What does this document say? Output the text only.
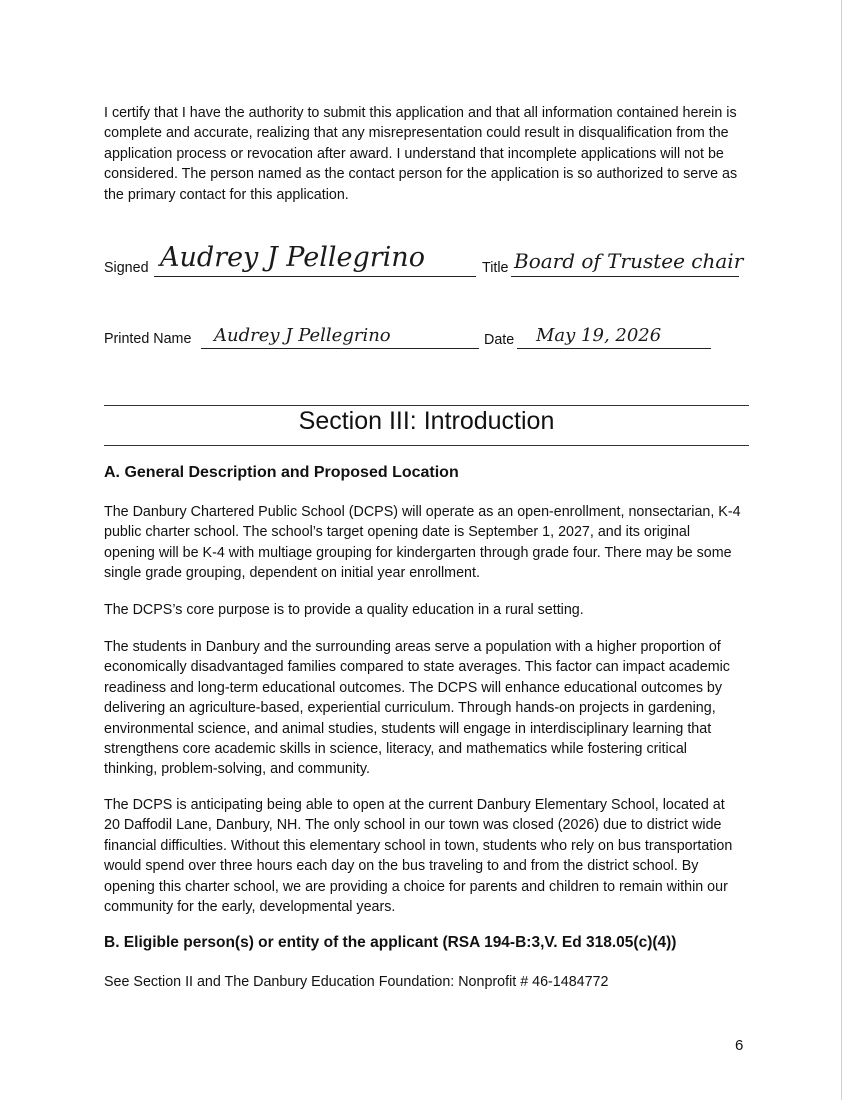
I certify that I have the authority to submit this application and that all information contained herein is complete and accurate, realizing that any misrepresentation could result in disqualification from the application process or revocation after award. I understand that incomplete applications will not be considered. The person named as the contact person for the application is so authorized to serve as the primary contact for this application.

Signed Audrey J Pellegrino	Title Board of Trustee chair
Printed Name Audrey J Pellegrino	Date May 19, 2026
Section III: Introduction
A. General Description and Proposed Location

The Danbury Chartered Public School (DCPS) will operate as an open-enrollment, nonsectarian, K-4 public charter school. The school’s target opening date is September 1, 2027, and its original opening will be K-4 with multiage grouping for kindergarten through grade four. There may be some single grade grouping, dependent on initial year enrollment.

The DCPS’s core purpose is to provide a quality education in a rural setting.

The students in Danbury and the surrounding areas serve a population with a higher proportion of economically disadvantaged families compared to state averages. This factor can impact academic readiness and long-term educational outcomes. The DCPS will enhance educational outcomes by delivering an agriculture-based, experiential curriculum. Through hands-on projects in gardening, environmental science, and animal studies, students will engage in interdisciplinary learning that strengthens core academic skills in science, literacy, and mathematics while fostering critical thinking, problem-solving, and community.

The DCPS is anticipating being able to open at the current Danbury Elementary School, located at 20 Daffodil Lane, Danbury, NH. The only school in our town was closed (2026) due to district wide financial difficulties. Without this elementary school in town, students who rely on bus transportation would spend over three hours each day on the bus traveling to and from the district school. By opening this charter school, we are providing a choice for parents and children to remain within our community for the early, developmental years.

B. Eligible person(s) or entity of the applicant (RSA 194-B:3,V. Ed 318.05(c)(4))

See Section II and The Danbury Education Foundation: Nonprofit # 46-1484772

6
